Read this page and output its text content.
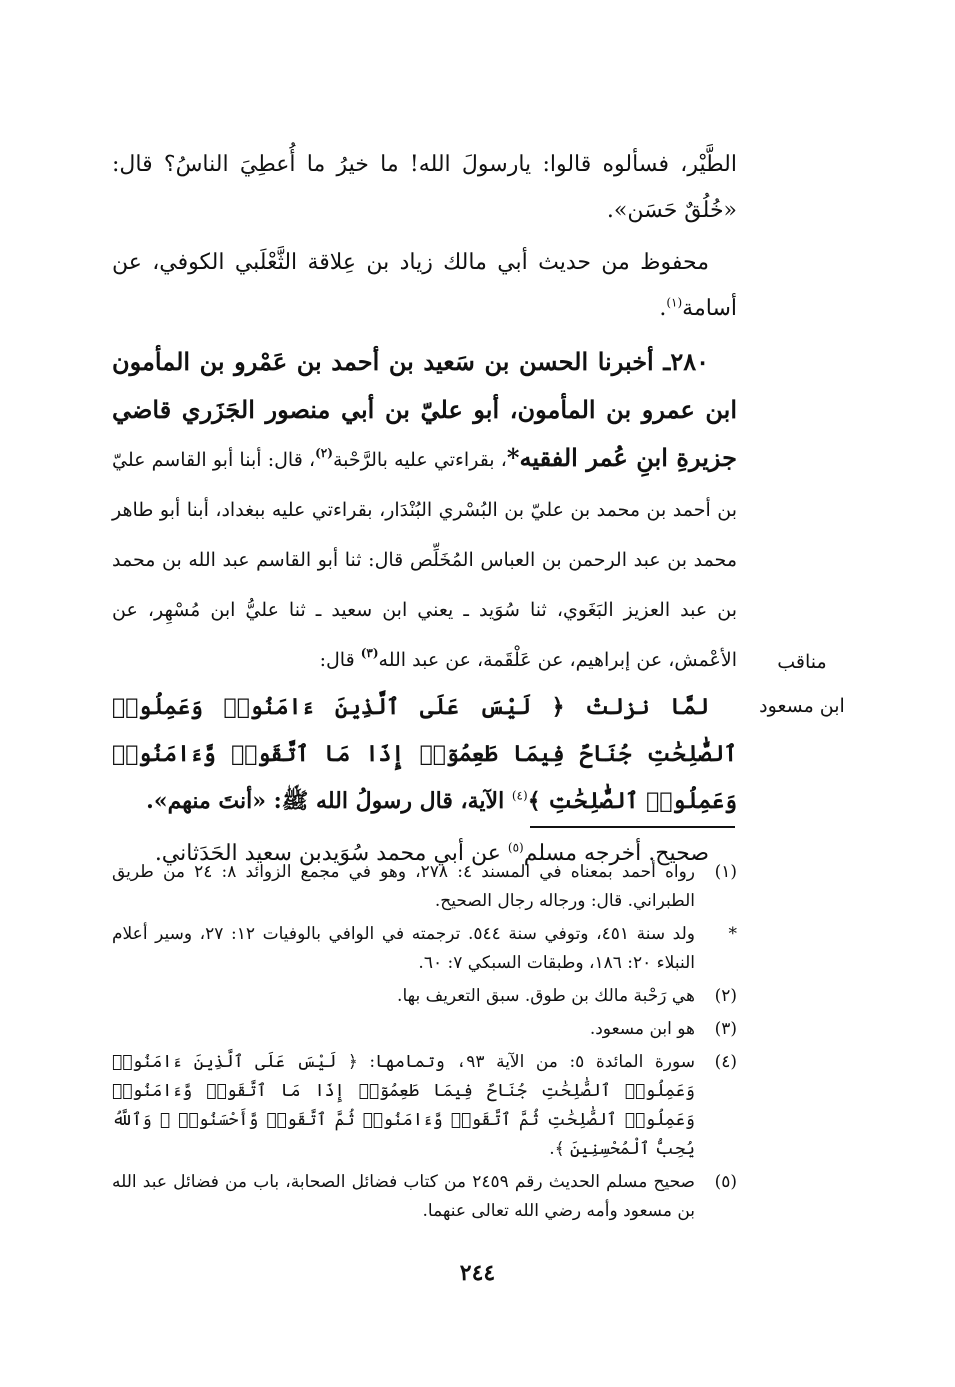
الطَّيْر، فسألوه قالوا: يارسولَ الله! ما خيرُ ما أُعطِيَ الناسُ؟ قال: «خُلُقٌ حَسَن».

محفوظ من حديث أبي مالك زياد بن عِلاقة الثَّعْلَبي الكوفي، عن أسامة$^{(١)}$.

٢٨٠ـ أخبرنا الحسن بن سَعيد بن أحمد بن عَمْرو بن المأمون ابن عمرو بن المأمون، أبو عليّ بن أبي منصور الجَزَري قاضي جزيرةِ ابنِ عُمر الفقيه*، بقراءتي عليه بالرَّحْبة$^{(٢)}$، قال: أبنا أبو القاسم عليّ بن أحمد بن محمد بن عليّ بن البُسْري البُنْدَار، بقراءتي عليه ببغداد، أبنا أبو طاهر محمد بن عبد الرحمن بن العباس المُخَلِّص قال: ثنا أبو القاسم عبد الله بن محمد بن عبد العزيز البَغَوي، ثنا سُوَيد ـ يعني ابن سعيد ـ ثنا عليُّ ابن مُسْهِر، عن الأعْمش، عن إبراهيم، عن عَلْقَمة، عن عبد الله$^{(٣)}$ قال:

لمَّا نزلتْ ﴿ لَيْسَ عَلَى ٱلَّذِينَ ءَامَنُوا۟ وَعَمِلُوا۟ ٱلصَّٰلِحَٰتِ جُنَاحٌ فِيمَا طَعِمُوٓا۟ إِذَا مَا ٱتَّقَوا۟ وَّءَامَنُوا۟ وَعَمِلُوا۟ ٱلصَّٰلِحَٰتِ ﴾$^{(٤)}$ الآية، قال رسولُ الله ﷺ: «أنتَ منهم».

صحيح. أخرجه مسلم$^{(٥)}$ عن أبي محمد سُوَيدبن سعيد الحَدَثاني.

مناقب
ابن مسعود
(١)
رواه أحمد بمعناه في المسند ٤: ٢٧٨، وهو في مجمع الزوائد ٨: ٢٤ من طريق الطبراني. قال: ورجاله رجال الصحيح.
*
ولد سنة ٤٥١، وتوفي سنة ٥٤٤. ترجمته في الوافي بالوفيات ١٢: ٢٧، وسير أعلام النبلاء ٢٠: ١٨٦، وطبقات السبكي ٧: ٦٠.
(٢)
هي رَحْبة مالك بن طوق. سبق التعريف بها.
(٣)
هو ابن مسعود.
(٤)
سورة المائدة ٥: من الآية ٩٣، وتمامها: ﴿ لَيْسَ عَلَى ٱلَّذِينَ ءَامَنُوا۟ وَعَمِلُوا۟ ٱلصَّٰلِحَٰتِ جُنَاحٌ فِيمَا طَعِمُوٓا۟ إِذَا مَا ٱتَّقَوا۟ وَّءَامَنُوا۟ وَعَمِلُوا۟ ٱلصَّٰلِحَٰتِ ثُمَّ ٱتَّقَوا۟ وَّءَامَنُوا۟ ثُمَّ ٱتَّقَوا۟ وَّأَحْسَنُوا۟ ۗ وَٱللَّهُ يُحِبُّ ٱلْمُحْسِنِينَ ﴾.
(٥)
صحيح مسلم الحديث رقم ٢٤٥٩ من كتاب فضائل الصحابة، باب من فضائل عبد الله بن مسعود وأمه رضي الله تعالى عنهما.
٢٤٤
